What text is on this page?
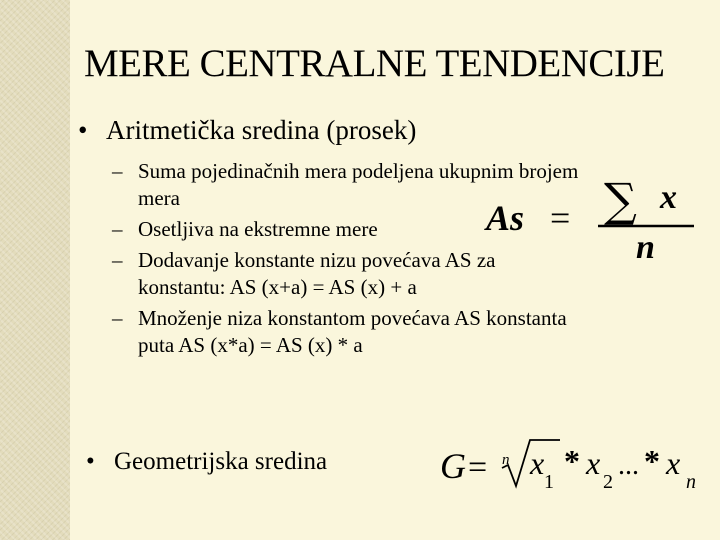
MERE CENTRALNE TENDENCIJE
• Aritmetička sredina (prosek)
– Suma pojedinačnih mera podeljena ukupnim brojem mera
– Osetljiva na ekstremne mere
– Dodavanje konstante nizu povećava AS za konstantu: AS (x+a) = AS (x) + a
– Množenje niza konstantom povećava AS konstanta puta AS (x*a) = AS (x) * a
As = ∑ x
n
• Geometrijska sredina	G = n x
1
* x
2
... * x
n
